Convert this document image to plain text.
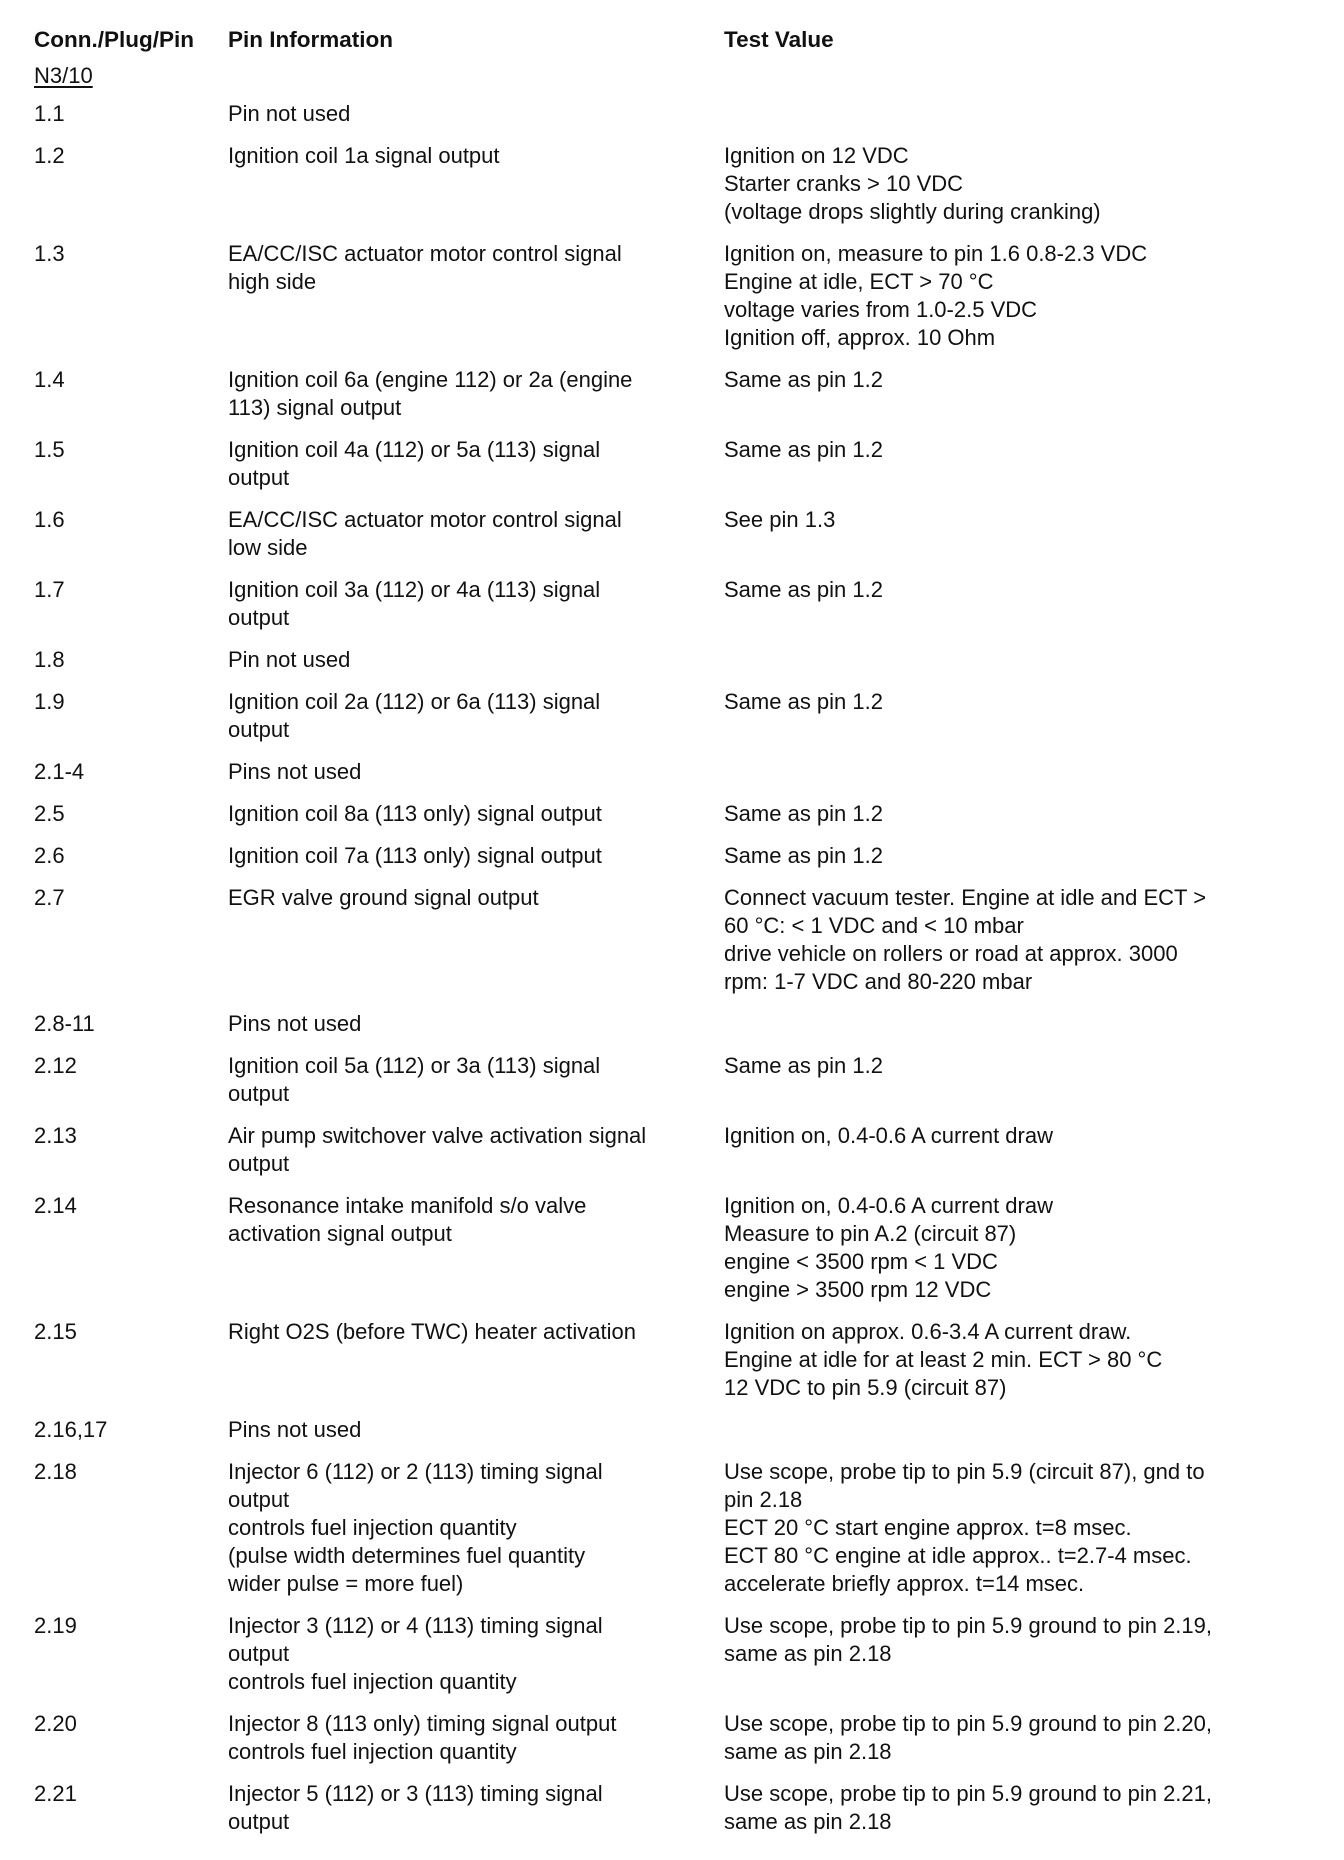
Conn./Plug/Pin	Pin Information	Test Value
N3/10		
1.1	Pin not used	

1.2	Ignition coil 1a signal output	Ignition on 12 VDC
Starter cranks > 10 VDC
(voltage drops slightly during cranking)

1.3	EA/CC/ISC actuator motor control signal
high side	Ignition on, measure to pin 1.6 0.8-2.3 VDC
Engine at idle, ECT > 70 °C
voltage varies from 1.0-2.5 VDC
Ignition off, approx. 10 Ohm

1.4	Ignition coil 6a (engine 112) or 2a (engine
113) signal output	Same as pin 1.2

1.5	Ignition coil 4a (112) or 5a (113) signal
output	Same as pin 1.2

1.6	EA/CC/ISC actuator motor control signal
low side	See pin 1.3

1.7	Ignition coil 3a (112) or 4a (113) signal
output	Same as pin 1.2

1.8	Pin not used	

1.9	Ignition coil 2a (112) or 6a (113) signal
output	Same as pin 1.2

2.1-4	Pins not used	

2.5	Ignition coil 8a (113 only) signal output	Same as pin 1.2

2.6	Ignition coil 7a (113 only) signal output	Same as pin 1.2

2.7	EGR valve ground signal output	Connect vacuum tester. Engine at idle and ECT >
60 °C: < 1 VDC and < 10 mbar
drive vehicle on rollers or road at approx. 3000
rpm: 1-7 VDC and 80-220 mbar

2.8-11	Pins not used	

2.12	Ignition coil 5a (112) or 3a (113) signal
output	Same as pin 1.2

2.13	Air pump switchover valve activation signal
output	Ignition on, 0.4-0.6 A current draw

2.14	Resonance intake manifold s/o valve
activation signal output	Ignition on, 0.4-0.6 A current draw
Measure to pin A.2 (circuit 87)
engine < 3500 rpm < 1 VDC
engine > 3500 rpm 12 VDC

2.15	Right O2S (before TWC) heater activation	Ignition on approx. 0.6-3.4 A current draw.
Engine at idle for at least 2 min. ECT > 80 °C
12 VDC to pin 5.9 (circuit 87)

2.16,17	Pins not used	

2.18	Injector 6 (112) or 2 (113) timing signal
output
controls fuel injection quantity
(pulse width determines fuel quantity
wider pulse = more fuel)	Use scope, probe tip to pin 5.9 (circuit 87), gnd to
pin 2.18
ECT 20 °C start engine approx. t=8 msec.
ECT 80 °C engine at idle approx.. t=2.7-4 msec.
accelerate briefly approx. t=14 msec.

2.19	Injector 3 (112) or 4 (113) timing signal
output
controls fuel injection quantity	Use scope, probe tip to pin 5.9 ground to pin 2.19,
same as pin 2.18

2.20	Injector 8 (113 only) timing signal output
controls fuel injection quantity	Use scope, probe tip to pin 5.9 ground to pin 2.20,
same as pin 2.18

2.21	Injector 5 (112) or 3 (113) timing signal
output	Use scope, probe tip to pin 5.9 ground to pin 2.21,
same as pin 2.18
